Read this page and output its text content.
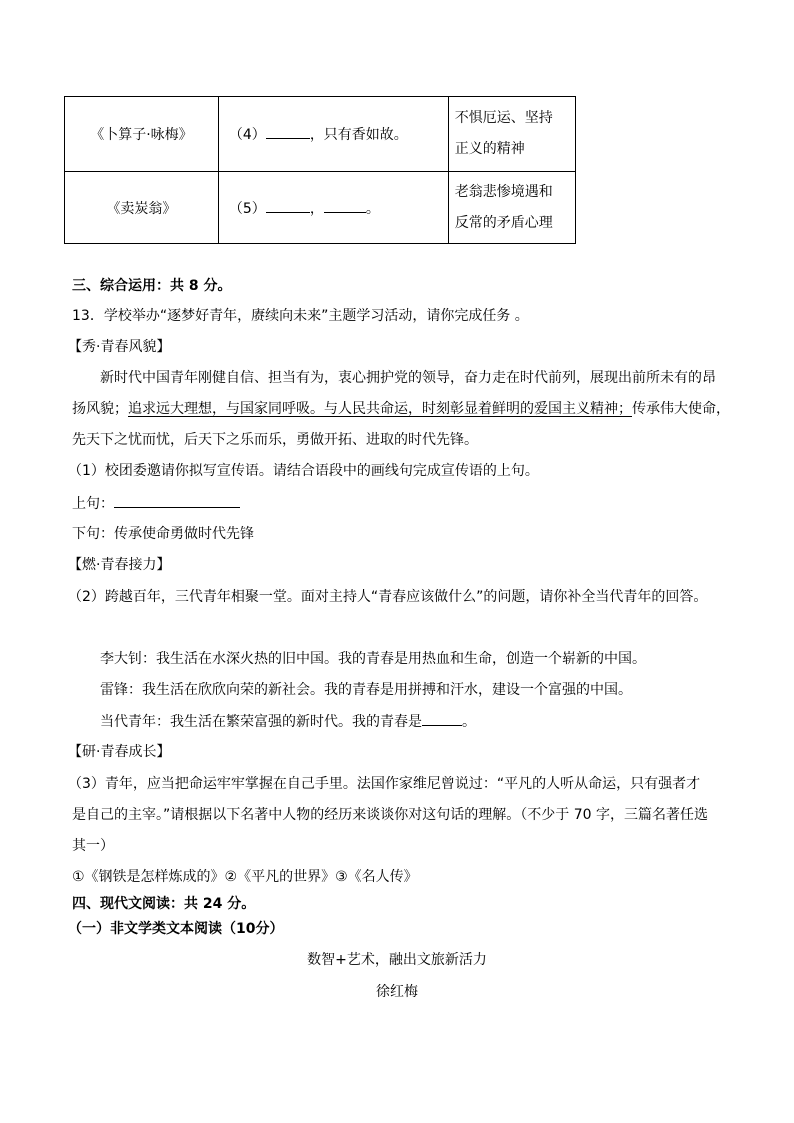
《卜算子·咏梅》	（4） ，只有香如故。	不惧厄运、坚持
正义的精神

《卖炭翁》	（5） ， 。	老翁悲惨境遇和
反常的矛盾心理
三、综合运用：共 8 分。
13．学校举办“逐梦好青年，赓续向未来”主题学习活动，请你完成任务 。
【秀·青春风貌】
新时代中国青年刚健自信、担当有为，衷心拥护党的领导，奋力走在时代前列，展现出前所未有的昂
扬风貌；追求远大理想，与国家同呼吸。与人民共命运，时刻彰显着鲜明的爱国主义精神；传承伟大使命，
先天下之忧而忧，后天下之乐而乐，勇做开拓、进取的时代先锋。
（1）校团委邀请你拟写宣传语。请结合语段中的画线句完成宣传语的上句。
上句：
下句：传承使命勇做时代先锋
【燃·青春接力】
（2）跨越百年，三代青年相聚一堂。面对主持人“青春应该做什么”的问题，请你补全当代青年的回答。
李大钊：我生活在水深火热的旧中国。我的青春是用热血和生命，创造一个崭新的中国。
雷锋：我生活在欣欣向荣的新社会。我的青春是用拼搏和汗水，建设一个富强的中国。
当代青年：我生活在繁荣富强的新时代。我的青春是	。
【研·青春成长】
（3）青年，应当把命运牢牢掌握在自己手里。法国作家维尼曾说过：“平凡的人听从命运，只有强者才
是自己的主宰。”请根据以下名著中人物的经历来谈谈你对这句话的理解。（不少于 70 字，三篇名著任选
其一）
①《钢铁是怎样炼成的》②《平凡的世界》③《名人传》
四、现代文阅读：共 24 分。
（一）非文学类文本阅读（10分）
数智+艺术，融出文旅新活力
徐红梅
